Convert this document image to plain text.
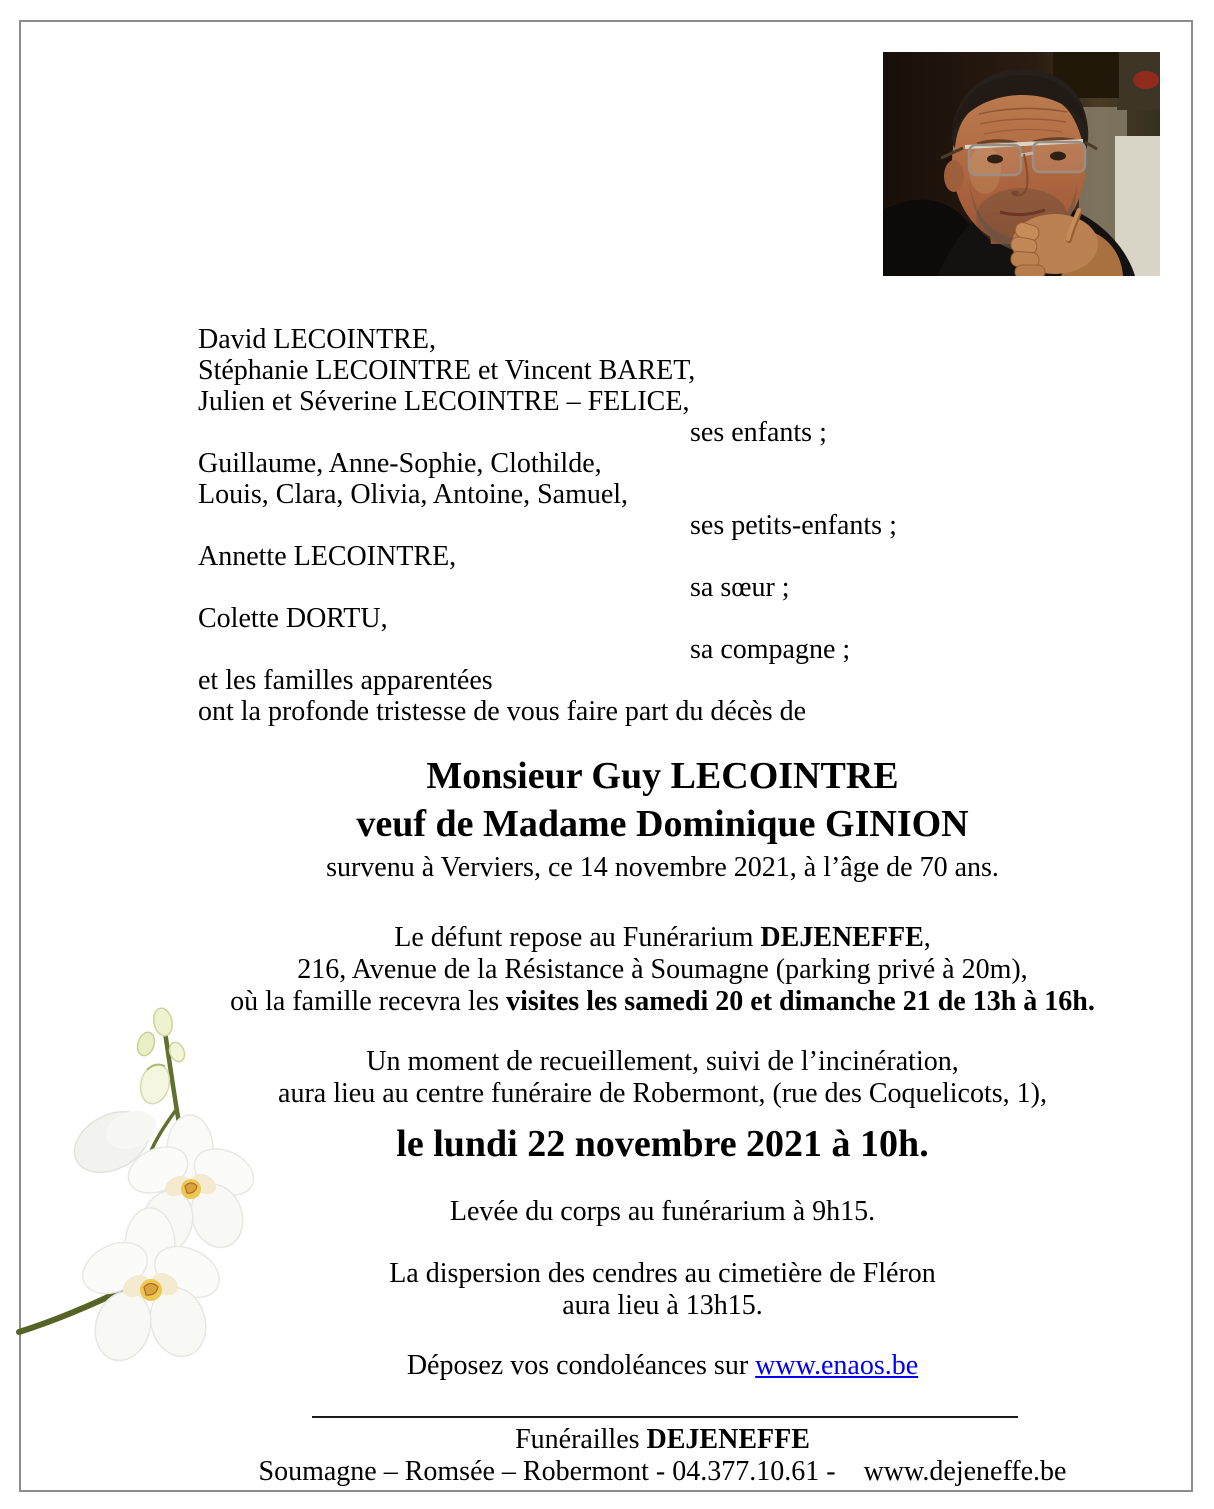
David LECOINTRE,
Stéphanie LECOINTRE et Vincent BARET,
Julien et Séverine LECOINTRE – FELICE,
ses enfants ;
Guillaume, Anne-Sophie, Clothilde,
Louis, Clara, Olivia, Antoine, Samuel,
ses petits-enfants ;
Annette LECOINTRE,
sa sœur ;
Colette DORTU,
sa compagne ;
et les familles apparentées
ont la profonde tristesse de vous faire part du décès de
Monsieur Guy LECOINTRE
veuf de Madame Dominique GINION
survenu à Verviers, ce 14 novembre 2021, à l’âge de 70 ans.
Le défunt repose au Funérarium DEJENEFFE,
216, Avenue de la Résistance à Soumagne (parking privé à 20m),
où la famille recevra les visites les samedi 20 et dimanche 21 de 13h à 16h.
Un moment de recueillement, suivi de l’incinération,
aura lieu au centre funéraire de Robermont, (rue des Coquelicots, 1),
le lundi 22 novembre 2021 à 10h.
Levée du corps au funérarium à 9h15.
La dispersion des cendres au cimetière de Fléron
aura lieu à 13h15.
Déposez vos condoléances sur www.enaos.be
Funérailles DEJENEFFE
Soumagne – Romsée – Robermont - 04.377.10.61 -    www.dejeneffe.be
